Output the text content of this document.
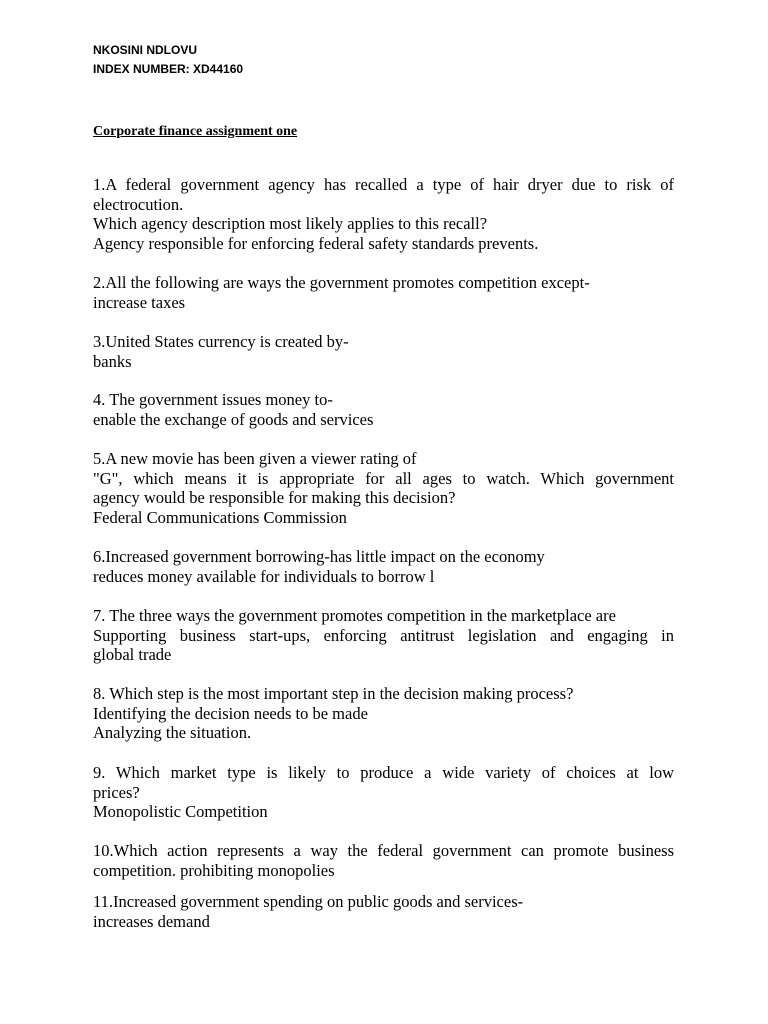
NKOSINI NDLOVU
INDEX NUMBER: XD44160
Corporate finance assignment one
1.A federal government agency has recalled a type of hair dryer due to risk of
electrocution.
Which agency description most likely applies to this recall?
Agency responsible for enforcing federal safety standards prevents.
2.All the following are ways the government promotes competition except-
increase taxes
3.United States currency is created by-
banks
4. The government issues money to-
enable the exchange of goods and services
5.A new movie has been given a viewer rating of
"G", which means it is appropriate for all ages to watch. Which government
agency would be responsible for making this decision?
Federal Communications Commission
6.Increased government borrowing-has little impact on the economy
reduces money available for individuals to borrow l
7. The three ways the government promotes competition in the marketplace are
Supporting business start-ups, enforcing antitrust legislation and engaging in
global trade
8. Which step is the most important step in the decision making process?
Identifying the decision needs to be made
Analyzing the situation.
9. Which market type is likely to produce a wide variety of choices at low
prices?
Monopolistic Competition
10.Which action represents a way the federal government can promote business
competition. prohibiting monopolies
11.Increased government spending on public goods and services-
increases demand
